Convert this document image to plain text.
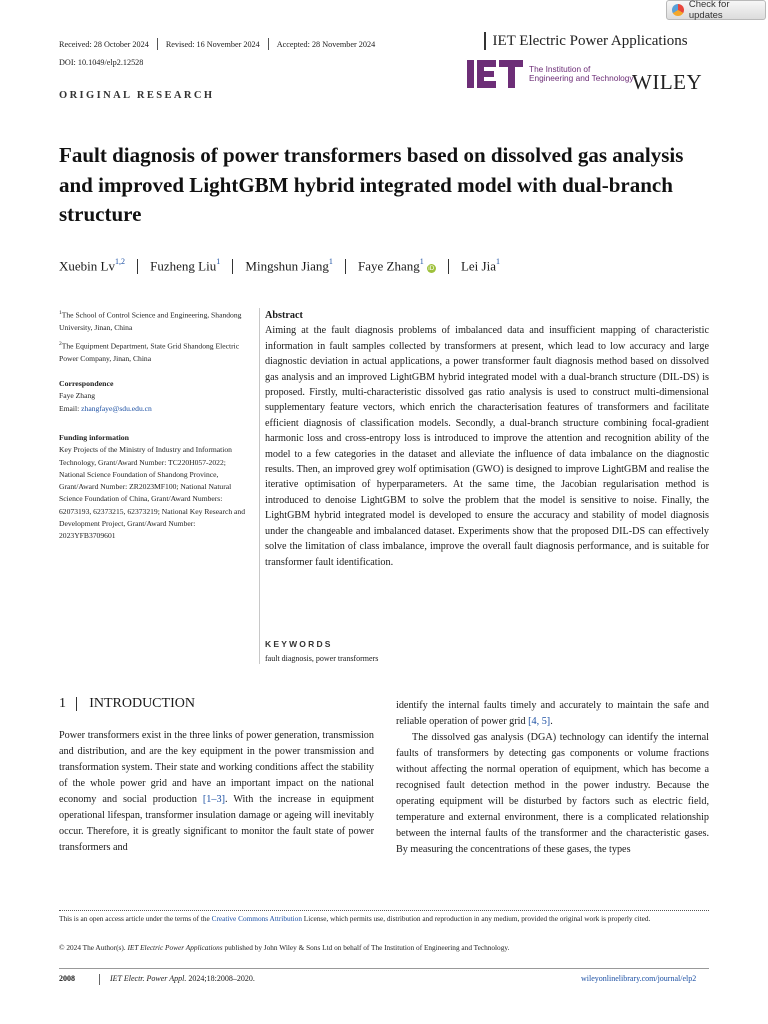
Check for updates
Received: 28 October 2024 Revised: 16 November 2024 Accepted: 28 November 2024
DOI: 10.1049/elp2.12528
IET Electric Power Applications
The Institution of
Engineering and Technology
WILEY
ORIGINAL RESEARCH
Fault diagnosis of power transformers based on dissolved gas analysis and improved LightGBM hybrid integrated model with dual-branch structure
Xuebin Lv$^{1,2}$ Fuzheng Liu$^1$ Mingshun Jiang$^1$ Faye Zhang$^1$iD Lei Jia$^1$
$^1$The School of Control Science and Engineering, Shandong University, Jinan, China
$^2$The Equipment Department, State Grid Shandong Electric Power Company, Jinan, China
Correspondence
Faye Zhang
Email: zhangfaye@sdu.edu.cn
Funding information
Key Projects of the Ministry of Industry and Information Technology, Grant/Award Number: TC220H057-2022; National Science Foundation of Shandong Province, Grant/Award Number: ZR2023MF100; National Natural Science Foundation of China, Grant/Award Numbers: 62073193, 62373215, 62373219; National Key Research and Development Project, Grant/Award Number: 2023YFB3709601
Abstract

Aiming at the fault diagnosis problems of imbalanced data and insufficient mapping of characteristic information in fault samples collected by transformers at present, which lead to low accuracy and large diagnostic deviation in actual applications, a power transformer fault diagnosis method based on dissolved gas analysis and an improved LightGBM hybrid integrated model with a dual-branch structure (DIL-DS) is proposed. Firstly, multi-characteristic dissolved gas ratio analysis is used to construct multi-dimensional supplementary feature vectors, which enrich the characterisation features of transformers and facilitate efficient diagnosis of classification models. Secondly, a dual-branch structure combining focal-gradient harmonic loss and cross-entropy loss is introduced to improve the attention and recognition ability of the model to a few categories in the dataset and alleviate the influence of data imbalance on the diagnostic results. Then, an improved grey wolf optimisation (GWO) is designed to improve LightGBM and realise the iterative optimisation of hyperparameters. At the same time, the Jacobian regularisation method is introduced to denoise LightGBM to solve the problem that the model is sensitive to noise. Finally, the LightGBM hybrid integrated model is developed to ensure the accuracy and stability of model diagnosis under the changeable and imbalanced dataset. Experiments show that the proposed DIL-DS can effectively solve the limitation of class imbalance, improve the overall fault diagnosis performance, and is suitable for transformer fault identification.

KEYWORDS
fault diagnosis, power transformers
1 INTRODUCTION

Power transformers exist in the three links of power generation, transmission and distribution, and are the key equipment in the power transmission and transformation system. Their state and working conditions affect the stability of the whole power grid and have an important impact on the national economy and social production [1–3]. With the increase in equipment operational lifespan, transformer insulation damage or ageing will inevitably occur. Therefore, it is greatly significant to monitor the fault state of power transformers and

identify the internal faults timely and accurately to maintain the safe and reliable operation of power grid [4, 5].

The dissolved gas analysis (DGA) technology can identify the internal faults of transformers by detecting gas components or volume fractions without affecting the normal operation of equipment, which has become a recognised fault detection method in the power industry. Because the operating equipment will be disturbed by factors such as electric field, temperature and external environment, there is a complicated relationship between the internal faults of the transformer and the characteristic gases. By measuring the concentrations of these gases, the types

This is an open access article under the terms of the Creative Commons Attribution License, which permits use, distribution and reproduction in any medium, provided the original work is properly cited.
© 2024 The Author(s). IET Electric Power Applications published by John Wiley & Sons Ltd on behalf of The Institution of Engineering and Technology.
2008	IET Electr. Power Appl. 2024;18:2008–2020.	wileyonlinelibrary.com/journal/elp2
